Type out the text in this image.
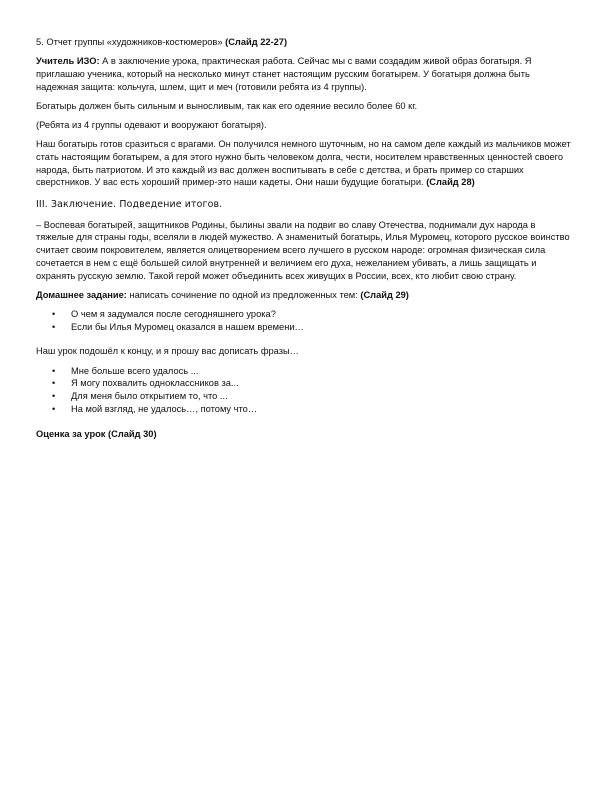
5. Отчет группы «художников-костюмеров» (Слайд 22-27)

Учитель ИЗО: А в заключение урока, практическая работа. Сейчас мы с вами создадим живой образ богатыря. Я приглашаю ученика, который на несколько минут станет настоящим русским богатырем. У богатыря должна быть надежная защита: кольчуга, шлем, щит и меч (готовили ребята из 4 группы).

Богатырь должен быть сильным и выносливым, так как его одеяние весило более 60 кг.

(Ребята из 4 группы одевают и вооружают богатыря).

Наш богатырь готов сразиться с врагами. Он получился немного шуточным, но на самом деле каждый из мальчиков может стать настоящим богатырем, а для этого нужно быть человеком долга, чести, носителем нравственных ценностей своего народа, быть патриотом. И это каждый из вас должен воспитывать в себе с детства, и брать пример со старших сверстников. У вас есть хороший пример-это наши кадеты. Они наши будущие богатыри. (Слайд 28)

III. Заключение. Подведение итогов.

– Воспевая богатырей, защитников Родины, былины звали на подвиг во славу Отечества, поднимали дух народа в тяжелые для страны годы, вселяли в людей мужество. А знаменитый богатырь, Илья Муромец, которого русское воинство считает своим покровителем, является олицетворением всего лучшего в русском народе: огромная физическая сила сочетается в нем с ещё большей силой внутренней и величием его духа, нежеланием убивать, а лишь защищать и охранять русскую землю. Такой герой может объединить всех живущих в России, всех, кто любит свою страну.

Домашнее задание: написать сочинение по одной из предложенных тем: (Слайд 29)

• О чем я задумался после сегодняшнего урока?
• Если бы Илья Муромец оказался в нашем времени…

Наш урок подошёл к концу, и я прошу вас дописать фразы…

• Мне больше всего удалось ...
• Я могу похвалить одноклассников за...
• Для меня было открытием то, что ...
• На мой взгляд, не удалось…, потому что…

Оценка за урок (Слайд 30)
